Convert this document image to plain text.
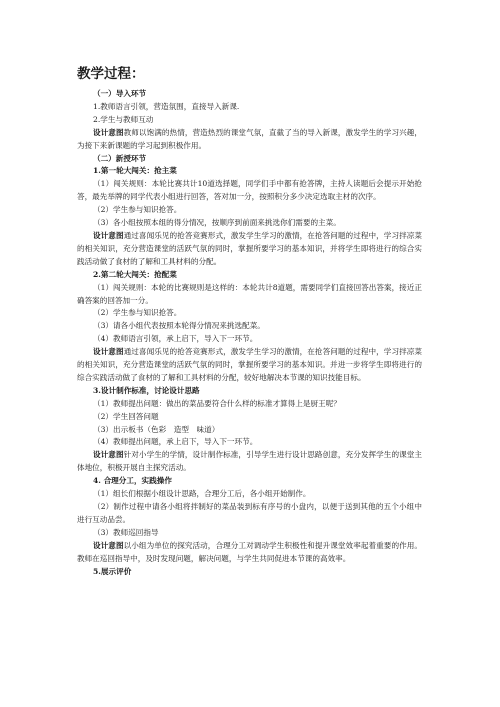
教学过程：

（一）导入环节

1.教师语言引领，营造氛围，直接导入新课.

2.学生与教师互动

设计意图教师以饱满的热情，营造热烈的课堂气氛，直截了当的导入新课，激发学生的学习兴趣，为接下来新课题的学习起到积极作用。

（二）新授环节

1.第一轮大闯关：抢主菜

（1）闯关规则：本轮比赛共计10道选择题，同学们手中都有抢答牌，主持人读题后会提示开始抢答，最先举牌的同学代表小组进行回答，答对加一分，按照积分多少决定选取主材的次序。

（2）学生参与知识抢答。

（3）各小组按照本组的得分情况，按顺序到前面来挑选你们需要的主菜。

设计意图通过喜闻乐见的抢答竞赛形式，激发学生学习的激情，在抢答问题的过程中，学习拌凉菜的相关知识，充分营造课堂的活跃气氛的同时，掌握所要学习的基本知识，并将学生即将进行的综合实践活动做了食材的了解和工具材料的分配。

2.第二轮大闯关：抢配菜

（1）闯关规则：本轮的比赛规则是这样的：本轮共计8道题，需要同学们直接回答出答案，接近正确答案的回答加一分。

（2）学生参与知识抢答。

（3）请各小组代表按照本轮得分情况来挑选配菜。

（4）教师语言引领，承上启下，导入下一环节。

设计意图通过喜闻乐见的抢答竞赛形式，激发学生学习的激情，在抢答问题的过程中，学习拌凉菜的相关知识，充分营造课堂的活跃气氛的同时，掌握所要学习的基本知识。并进一步将学生即将进行的综合实践活动做了食材的了解和工具材料的分配，较好地解决本节课的知识技能目标。

3.设计制作标准，讨论设计思路

（1）教师提出问题：做出的菜品要符合什么样的标准才算得上是厨王呢？

（2）学生回答问题

（3）出示板书（色彩　造型　味道）

（4）教师提出问题，承上启下，导入下一环节。

设计意图针对小学生的学情，设计制作标准，引导学生进行设计思路创意，充分发挥学生的课堂主体地位，积极开展自主探究活动。

4. 合理分工，实践操作

（1）组长们根据小组设计思路，合理分工后，各小组开始制作。

（2）制作过程中请各小组将拌制好的菜品装到标有序号的小盘内，以便于送到其他的五个小组中进行互动品尝。

（3）教师巡回指导

设计意图以小组为单位的探究活动，合理分工对调动学生积极性和提升课堂效率起着重要的作用。教师在巡回指导中，及时发现问题，解决问题，与学生共同促进本节课的高效率。

5.展示评价
